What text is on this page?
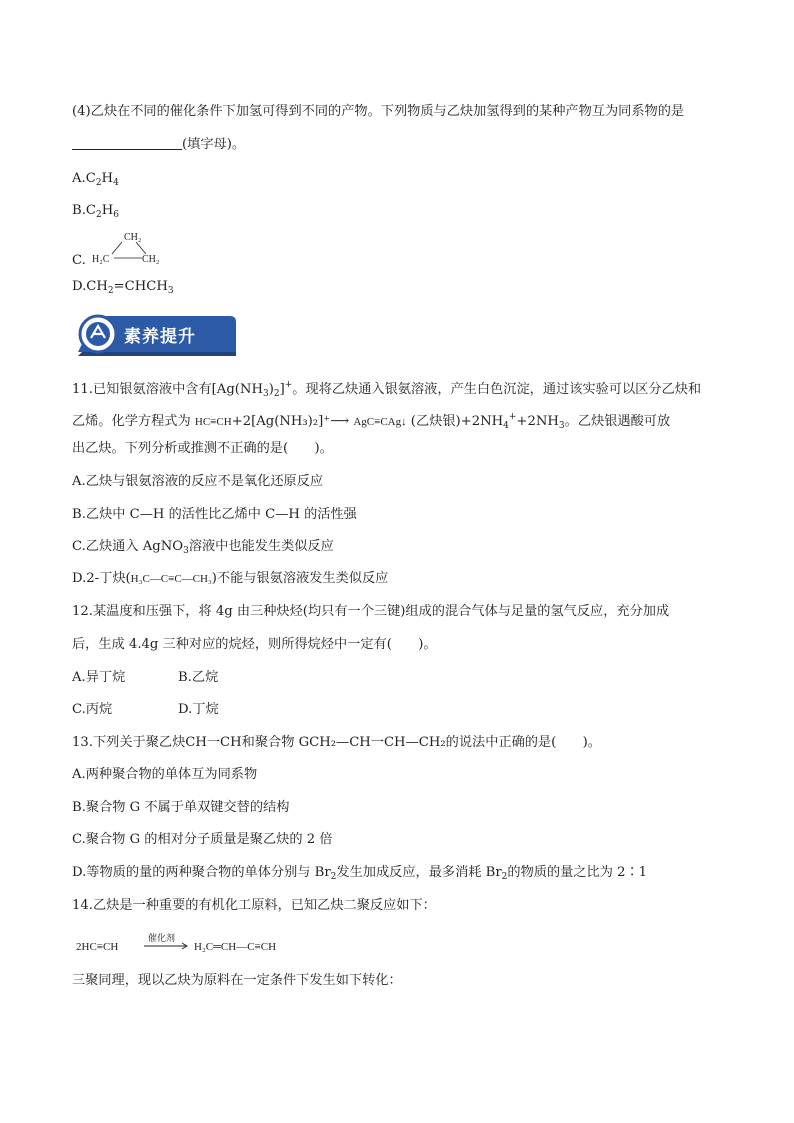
(4)乙炔在不同的催化条件下加氢可得到不同的产物。下列物质与乙炔加氢得到的某种产物互为同系物的是
(填字母)。
$A.C_2H_4$
$B.C_2H_6$
C.
CH₂
H₂C	CH₂
$D.CH_2=CHCH_3$
素养提升
11.已知银氨溶液中含有$[Ag(NH_3)_2]^+$。现将乙炔通入银氨溶液，产生白色沉淀，通过该实验可以区分乙炔和
乙烯。化学方程式为 HC≡CH+2[Ag(NH₃)₂]⁺⟶ AgC≡CAg↓ (乙炔银)$+2NH_4^++2NH_3$。乙炔银遇酸可放
出乙炔。下列分析或推测不正确的是(　　)。
A.乙炔与银氨溶液的反应不是氧化还原反应
B.乙炔中 C—H 的活性比乙烯中 C—H 的活性强
C.乙炔通入 AgNO$_3$溶液中也能发生类似反应
D.2-丁炔(H₃C—C≡C—CH₃)不能与银氨溶液发生类似反应
12.某温度和压强下，将 4g 由三种炔烃(均只有一个三键)组成的混合气体与足量的氢气反应，充分加成
后，生成 4.4g 三种对应的烷烃，则所得烷烃中一定有(　　)。
A.异丁烷	B.乙烷
C.丙烷	D.丁烷
13.下列关于聚乙炔CH一CH和聚合物 GCH₂—CH一CH—CH₂的说法中正确的是(　　)。
A.两种聚合物的单体互为同系物
B.聚合物 G 不属于单双键交替的结构
C.聚合物 G 的相对分子质量是聚乙炔的 2 倍
D.等物质的量的两种聚合物的单体分别与 $Br_2$发生加成反应，最多消耗 $Br_2$的物质的量之比为 2∶1
14.乙炔是一种重要的有机化工原料，已知乙炔二聚反应如下：
2HC≡CH
催化剂
H₂C═CH—C≡CH
三聚同理，现以乙炔为原料在一定条件下发生如下转化：
